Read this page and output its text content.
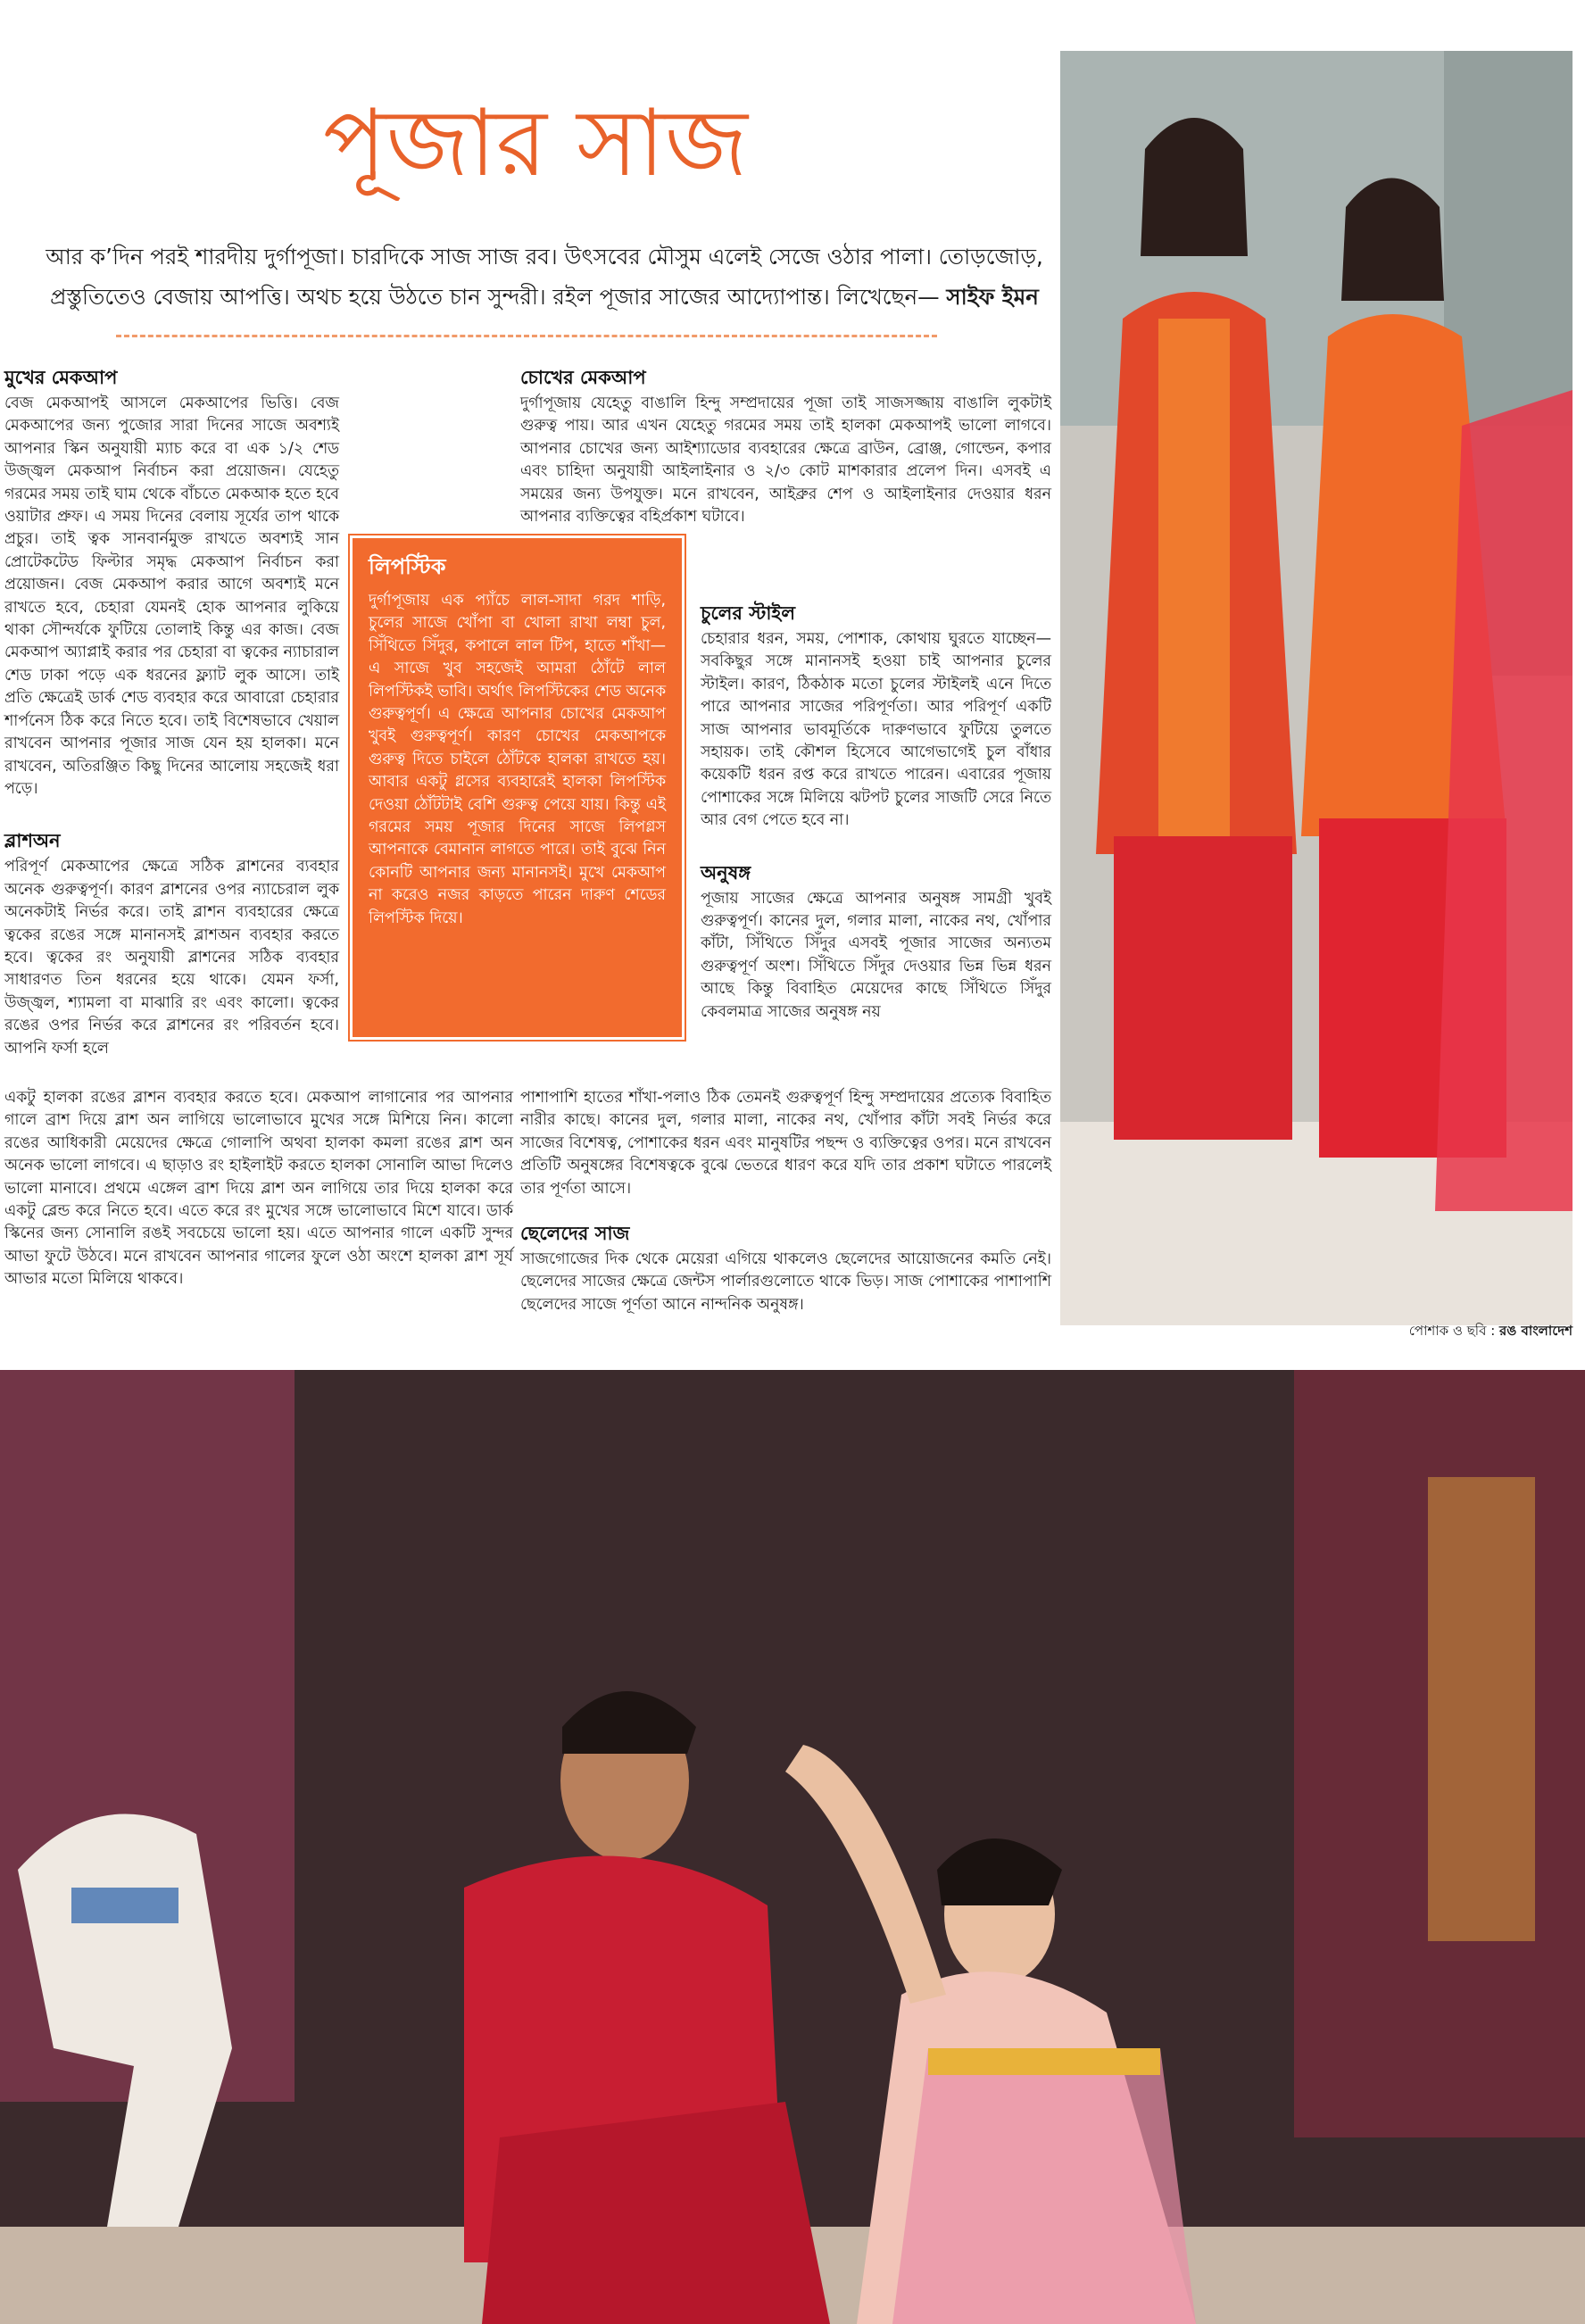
পূজার সাজ
আর ক’দিন পরই শারদীয় দুর্গাপূজা। চারদিকে সাজ সাজ রব। উৎসবের মৌসুম এলেই সেজে ওঠার পালা। তোড়জোড়, প্রস্তুতিতেও বেজায় আপত্তি। অথচ হয়ে উঠতে চান সুন্দরী। রইল পূজার সাজের আদ্যোপান্ত। লিখেছেন— সাইফ ইমন
মুখের মেকআপ

বেজ মেকআপই আসলে মেকআপের ভিত্তি। বেজ মেকআপের জন্য পুজোর সারা দিনের সাজে অবশ্যই আপনার স্কিন অনুযায়ী ম্যাচ করে বা এক ১/২ শেড উজ্জ্বল মেকআপ নির্বাচন করা প্রয়োজন। যেহেতু গরমের সময় তাই ঘাম থেকে বাঁচতে মেকআক হতে হবে ওয়াটার প্রুফ। এ সময় দিনের বেলায় সূর্যের তাপ থাকে প্রচুর। তাই ত্বক সানবার্নমুক্ত রাখতে অবশ্যই সান প্রোটেকটেড ফিল্টার সমৃদ্ধ মেকআপ নির্বাচন করা প্রয়োজন। বেজ মেকআপ করার আগে অবশ্যই মনে রাখতে হবে, চেহারা যেমনই হোক আপনার লুকিয়ে থাকা সৌন্দর্যকে ফুটিয়ে তোলাই কিন্তু এর কাজ। বেজ মেকআপ অ্যাপ্লাই করার পর চেহারা বা ত্বকের ন্যাচারাল শেড ঢাকা পড়ে এক ধরনের ফ্ল্যাট লুক আসে। তাই প্রতি ক্ষেত্রেই ডার্ক শেড ব্যবহার করে আবারো চেহারার শার্পনেস ঠিক করে নিতে হবে। তাই বিশেষভাবে খেয়াল রাখবেন আপনার পূজার সাজ যেন হয় হালকা। মনে রাখবেন, অতিরঞ্জিত কিছু দিনের আলোয় সহজেই ধরা পড়ে।

ব্লাশঅন

পরিপূর্ণ মেকআপের ক্ষেত্রে সঠিক ব্লাশনের ব্যবহার অনেক গুরুত্বপূর্ণ। কারণ ব্লাশনের ওপর ন্যাচেরাল লুক অনেকটাই নির্ভর করে। তাই ব্লাশন ব্যবহারের ক্ষেত্রে ত্বকের রঙের সঙ্গে মানানসই ব্লাশঅন ব্যবহার করতে হবে। ত্বকের রং অনুযায়ী ব্লাশনের সঠিক ব্যবহার সাধারণত তিন ধরনের হয়ে থাকে। যেমন ফর্সা, উজ্জ্বল, শ্যামলা বা মাঝারি রং এবং কালো। ত্বকের রঙের ওপর নির্ভর করে ব্লাশনের রং পরিবর্তন হবে। আপনি ফর্সা হলে

একটু হালকা রঙের ব্লাশন ব্যবহার করতে হবে। মেকআপ লাগানোর পর আপনার গালে ব্রাশ দিয়ে ব্লাশ অন লাগিয়ে ভালোভাবে মুখের সঙ্গে মিশিয়ে নিন। কালো রঙের আধিকারী মেয়েদের ক্ষেত্রে গোলাপি অথবা হালকা কমলা রঙের ব্লাশ অন অনেক ভালো লাগবে। এ ছাড়াও রং হাইলাইট করতে হালকা সোনালি আভা দিলেও ভালো মানাবে। প্রথমে এঙ্গেল ব্রাশ দিয়ে ব্লাশ অন লাগিয়ে তার দিয়ে হালকা করে একটু ব্লেন্ড করে নিতে হবে। এতে করে রং মুখের সঙ্গে ভালোভাবে মিশে যাবে। ডার্ক স্কিনের জন্য সোনালি রঙই সবচেয়ে ভালো হয়। এতে আপনার গালে একটি সুন্দর আভা ফুটে উঠবে। মনে রাখবেন আপনার গালের ফুলে ওঠা অংশে হালকা ব্লাশ সূর্য আভার মতো মিলিয়ে থাকবে।

লিপস্টিক

দুর্গাপূজায় এক প্যাঁচে লাল-সাদা গরদ শাড়ি, চুলের সাজে খোঁপা বা খোলা রাখা লম্বা চুল, সিঁথিতে সিঁদুর, কপালে লাল টিপ, হাতে শাঁখা—এ সাজে খুব সহজেই আমরা ঠোঁটে লাল লিপস্টিকই ভাবি। অর্থাৎ লিপস্টিকের শেড অনেক গুরুত্বপূর্ণ। এ ক্ষেত্রে আপনার চোখের মেকআপ খুবই গুরুত্বপূর্ণ। কারণ চোখের মেকআপকে গুরুত্ব দিতে চাইলে ঠোঁটকে হালকা রাখতে হয়। আবার একটু গ্লসের ব্যবহারেই হালকা লিপস্টিক দেওয়া ঠোঁটটাই বেশি গুরুত্ব পেয়ে যায়। কিন্তু এই গরমের সময় পূজার দিনের সাজে লিপগ্লস আপনাকে বেমানান লাগতে পারে। তাই বুঝে নিন কোনটি আপনার জন্য মানানসই। মুখে মেকআপ না করেও নজর কাড়তে পারেন দারুণ শেডের লিপস্টিক দিয়ে।

চোখের মেকআপ

দুর্গাপূজায় যেহেতু বাঙালি হিন্দু সম্প্রদায়ের পূজা তাই সাজসজ্জায় বাঙালি লুকটাই গুরুত্ব পায়। আর এখন যেহেতু গরমের সময় তাই হালকা মেকআপই ভালো লাগবে। আপনার চোখের জন্য আইশ্যাডোর ব্যবহারের ক্ষেত্রে ব্রাউন, ব্রোঞ্জ, গোল্ডেন, কপার এবং চাহিদা অনুযায়ী আইলাইনার ও ২/৩ কোট মাশকারার প্রলেপ দিন। এসবই এ সময়ের জন্য উপযুক্ত। মনে রাখবেন, আইব্রুর শেপ ও আইলাইনার দেওয়ার ধরন আপনার ব্যক্তিত্বের বহির্প্রকাশ ঘটাবে।

চুলের স্টাইল

চেহারার ধরন, সময়, পোশাক, কোথায় ঘুরতে যাচ্ছেন—সবকিছুর সঙ্গে মানানসই হওয়া চাই আপনার চুলের স্টাইল। কারণ, ঠিকঠাক মতো চুলের স্টাইলই এনে দিতে পারে আপনার সাজের পরিপূর্ণতা। আর পরিপূর্ণ একটি সাজ আপনার ভাবমূর্তিকে দারুণভাবে ফুটিয়ে তুলতে সহায়ক। তাই কৌশল হিসেবে আগেভাগেই চুল বাঁধার কয়েকটি ধরন রপ্ত করে রাখতে পারেন। এবারের পূজায় পোশাকের সঙ্গে মিলিয়ে ঝটপট চুলের সাজটি সেরে নিতে আর বেগ পেতে হবে না।

অনুষঙ্গ

পূজায় সাজের ক্ষেত্রে আপনার অনুষঙ্গ সামগ্রী খুবই গুরুত্বপূর্ণ। কানের দুল, গলার মালা, নাকের নথ, খোঁপার কাঁটা, সিঁথিতে সিঁদুর এসবই পূজার সাজের অন্যতম গুরুত্বপূর্ণ অংশ। সিঁথিতে সিঁদুর দেওয়ার ভিন্ন ভিন্ন ধরন আছে কিন্তু বিবাহিত মেয়েদের কাছে সিঁথিতে সিঁদুর কেবলমাত্র সাজের অনুষঙ্গ নয়

পাশাপাশি হাতের শাঁখা-পলাও ঠিক তেমনই গুরুত্বপূর্ণ হিন্দু সম্প্রদায়ের প্রত্যেক বিবাহিত নারীর কাছে। কানের দুল, গলার মালা, নাকের নথ, খোঁপার কাঁটা সবই নির্ভর করে সাজের বিশেষত্ব, পোশাকের ধরন এবং মানুষটির পছন্দ ও ব্যক্তিত্বের ওপর। মনে রাখবেন প্রতিটি অনুষঙ্গের বিশেষত্বকে বুঝে ভেতরে ধারণ করে যদি তার প্রকাশ ঘটাতে পারলেই তার পূর্ণতা আসে।

ছেলেদের সাজ

সাজগোজের দিক থেকে মেয়েরা এগিয়ে থাকলেও ছেলেদের আয়োজনের কমতি নেই। ছেলেদের সাজের ক্ষেত্রে জেন্টস পার্লারগুলোতে থাকে ভিড়। সাজ পোশাকের পাশাপাশি ছেলেদের সাজে পূর্ণতা আনে নান্দনিক অনুষঙ্গ।

পোশাক ও ছবি : রঙ বাংলাদেশ
